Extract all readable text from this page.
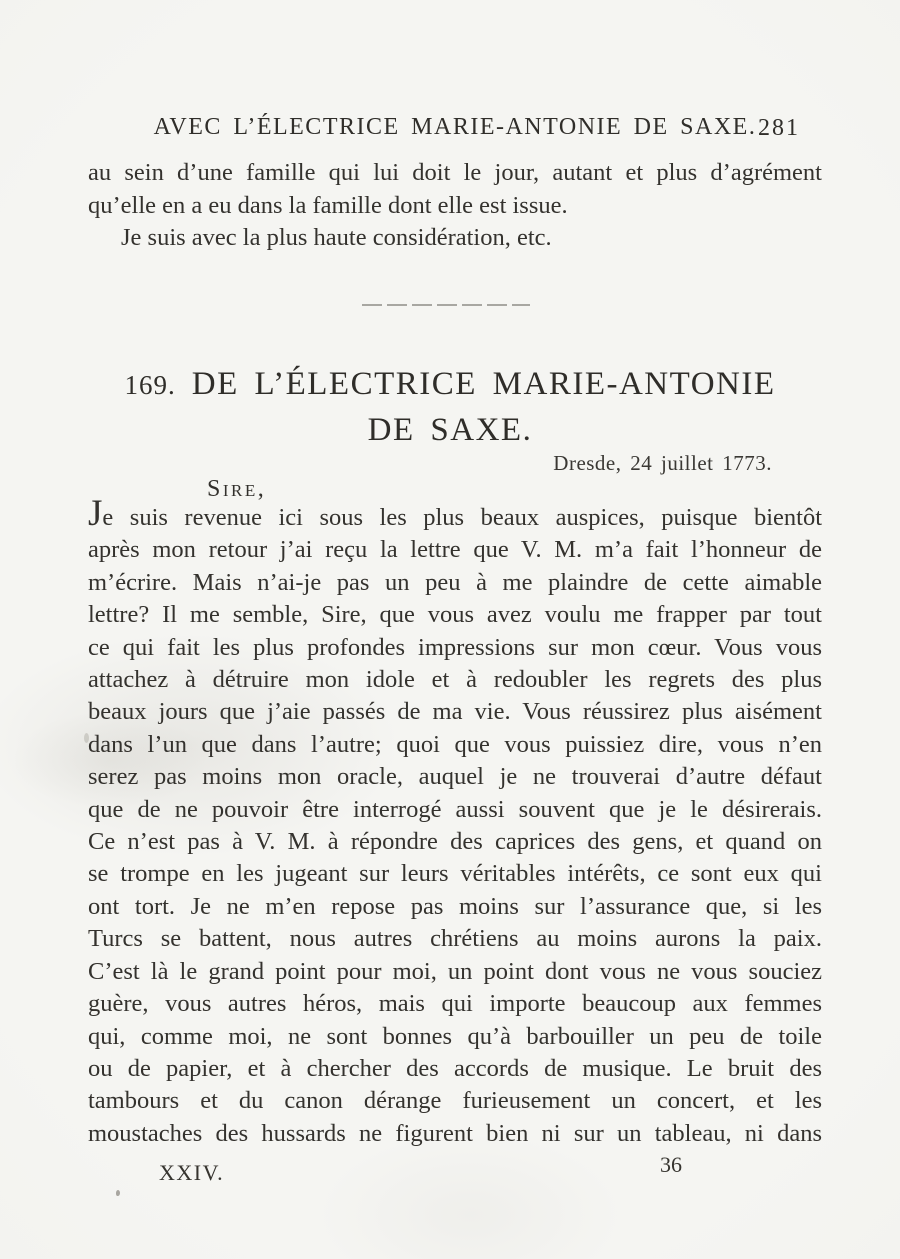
AVEC L’ÉLECTRICE MARIE-ANTONIE DE SAXE. 281
au sein d’une famille qui lui doit le jour, autant et plus d’agrément
qu’elle en a eu dans la famille dont elle est issue.
Je suis avec la plus haute considération, etc.
169. DE L’ÉLECTRICE MARIE-ANTONIE
DE SAXE.
Dresde, 24 juillet 1773.
Sire,
Je suis revenue ici sous les plus beaux auspices, puisque bientôt
après mon retour j’ai reçu la lettre que V. M. m’a fait l’honneur de
m’écrire. Mais n’ai-je pas un peu à me plaindre de cette aimable
lettre? Il me semble, Sire, que vous avez voulu me frapper par tout
ce qui fait les plus profondes impressions sur mon cœur. Vous vous
attachez à détruire mon idole et à redoubler les regrets des plus
beaux jours que j’aie passés de ma vie. Vous réussirez plus aisément
dans l’un que dans l’autre; quoi que vous puissiez dire, vous n’en
serez pas moins mon oracle, auquel je ne trouverai d’autre défaut
que de ne pouvoir être interrogé aussi souvent que je le désirerais.
Ce n’est pas à V. M. à répondre des caprices des gens, et quand on
se trompe en les jugeant sur leurs véritables intérêts, ce sont eux qui
ont tort. Je ne m’en repose pas moins sur l’assurance que, si les
Turcs se battent, nous autres chrétiens au moins aurons la paix.
C’est là le grand point pour moi, un point dont vous ne vous souciez
guère, vous autres héros, mais qui importe beaucoup aux femmes
qui, comme moi, ne sont bonnes qu’à barbouiller un peu de toile
ou de papier, et à chercher des accords de musique. Le bruit des
tambours et du canon dérange furieusement un concert, et les
moustaches des hussards ne figurent bien ni sur un tableau, ni dans
XXIV.	36
